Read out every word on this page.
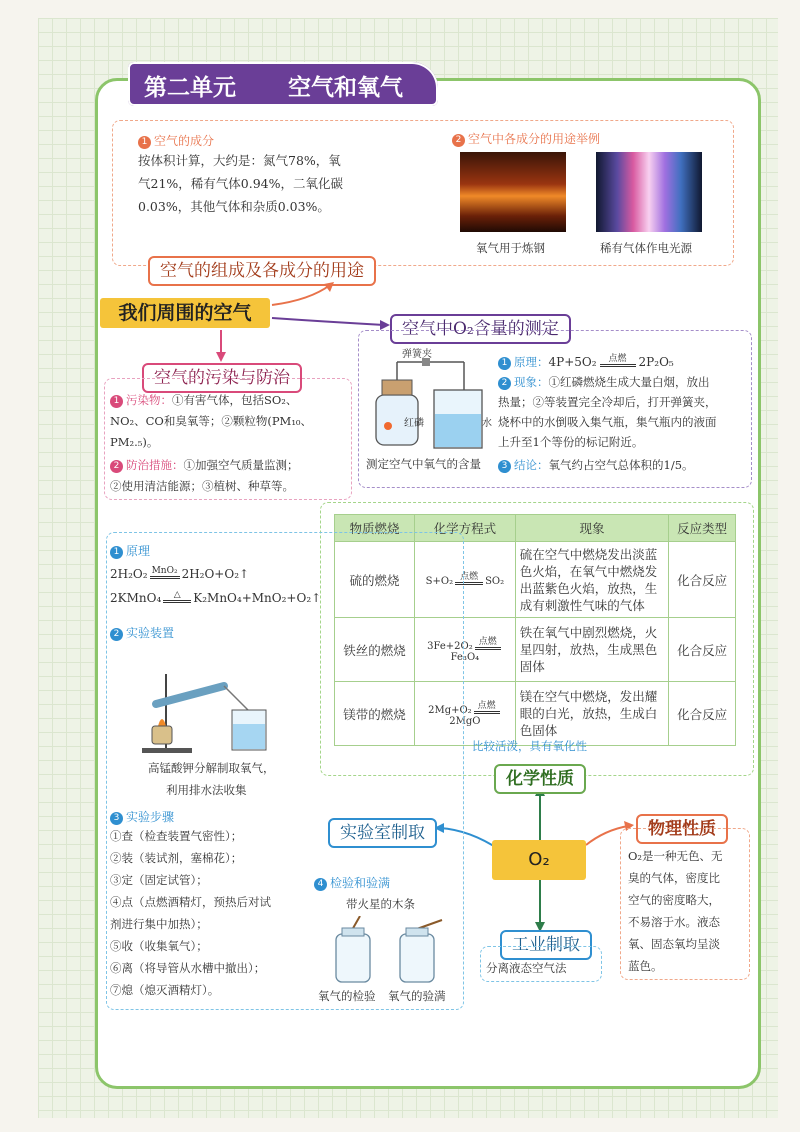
第二单元 空气和氧气
1 空气的成分
按体积计算，大约是：氮气78%，氧
气21%，稀有气体0.94%，二氧化碳
0.03%，其他气体和杂质0.03%。
2 空气中各成分的用途举例
氧气用于炼钢	稀有气体作电光源
空气的组成及各成分的用途
我们周围的空气
空气中O₂含量的测定
弹簧夹
红磷	水
测定空气中氧气的含量
1 原理：4P+5O₂ 点燃 2P₂O₅
2 现象：①红磷燃烧生成大量白烟，放出
热量；②等装置完全冷却后，打开弹簧夹，
烧杯中的水倒吸入集气瓶，集气瓶内的液面
上升至1个等份的标记附近。
3 结论：氧气约占空气总体积的1/5。
空气的污染与防治
1 污染物：①有害气体，包括SO₂、
NO₂、CO和臭氧等；②颗粒物(PM₁₀、
PM₂.₅)。
2 防治措施：①加强空气质量监测；
②使用清洁能源；③植树、种草等。
物质燃烧	化学方程式	现象	反应类型
硫的燃烧	S+O₂ 点燃 SO₂	硫在空气中燃烧发出淡蓝色火焰，在氧气中燃烧发出蓝紫色火焰，放热，生成有刺激性气味的气体	化合反应
铁丝的燃烧	3Fe+2O₂ 点燃Fe₃O₄	铁在氧气中剧烈燃烧，火星四射，放热，生成黑色固体	化合反应
镁带的燃烧	2Mg+O₂ 点燃2MgO	镁在空气中燃烧，发出耀眼的白光，放热，生成白色固体	化合反应
比较活泼，具有氧化性
化学性质
1 原理
2H₂O₂ MnO₂ 2H₂O+O₂↑
2KMnO₄ △ K₂MnO₄+MnO₂+O₂↑
2 实验装置
高锰酸钾分解制取氧气，
利用排水法收集
3 实验步骤
①查（检查装置气密性）；
②装（装试剂，塞棉花）；
③定（固定试管）；
④点（点燃酒精灯，预热后对试
剂进行集中加热）；
⑤收（收集氧气）；
⑥离（将导管从水槽中撤出）；
⑦熄（熄灭酒精灯）。
4 检验和验满
带火星的木条
氧气的检验 氧气的验满
实验室制取
O₂
物理性质
O₂是一种无色、无
臭的气体，密度比
空气的密度略大，
不易溶于水。液态
氧、固态氧均呈淡
蓝色。
工业制取
分离液态空气法
